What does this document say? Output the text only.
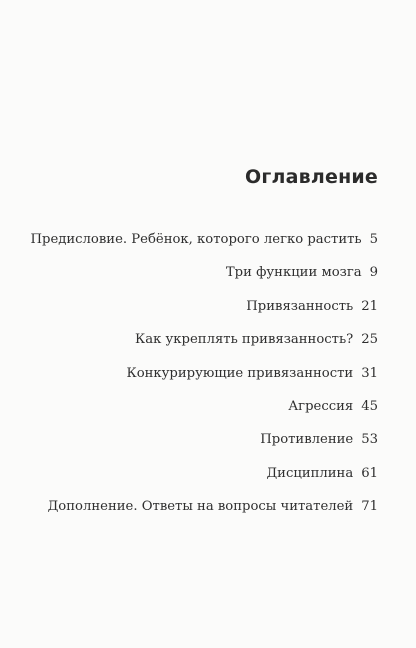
Оглавление
Предисловие. Ребёнок, которого легко растить 5
Три функции мозга 9
Привязанность 21
Как укреплять привязанность? 25
Конкурирующие привязанности 31
Агрессия 45
Противление 53
Дисциплина 61
Дополнение. Ответы на вопросы читателей 71
